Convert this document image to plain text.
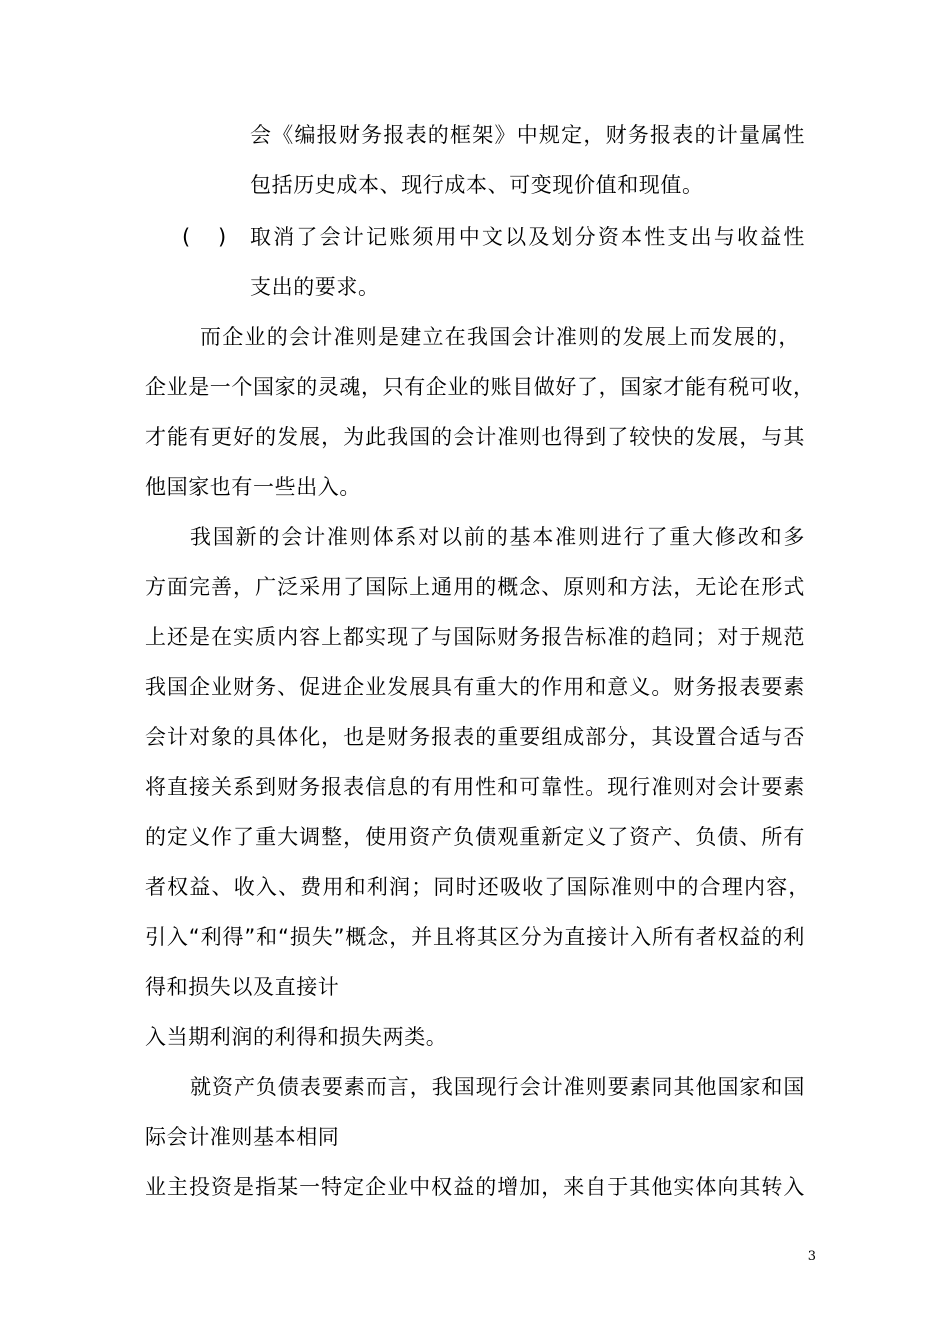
会《编报财务报表的框架》中规定，财务报表的计量属性
包括历史成本、现行成本、可变现价值和现值。
( ) 取消了会计记账须用中文以及划分资本性支出与收益性
支出的要求。
而企业的会计准则是建立在我国会计准则的发展上而发展的，
企业是一个国家的灵魂，只有企业的账目做好了，国家才能有税可收，
才能有更好的发展，为此我国的会计准则也得到了较快的发展，与其
他国家也有一些出入。
我国新的会计准则体系对以前的基本准则进行了重大修改和多
方面完善，广泛采用了国际上通用的概念、原则和方法，无论在形式
上还是在实质内容上都实现了与国际财务报告标准的趋同；对于规范
我国企业财务、促进企业发展具有重大的作用和意义。财务报表要素
会计对象的具体化，也是财务报表的重要组成部分，其设置合适与否
将直接关系到财务报表信息的有用性和可靠性。现行准则对会计要素
的定义作了重大调整，使用资产负债观重新定义了资产、负债、所有
者权益、收入、费用和利润；同时还吸收了国际准则中的合理内容，
引入“利得”和“损失”概念，并且将其区分为直接计入所有者权益的利
得和损失以及直接计
入当期利润的利得和损失两类。
就资产负债表要素而言，我国现行会计准则要素同其他国家和国
际会计准则基本相同
业主投资是指某一特定企业中权益的增加，来自于其他实体向其转入
3
